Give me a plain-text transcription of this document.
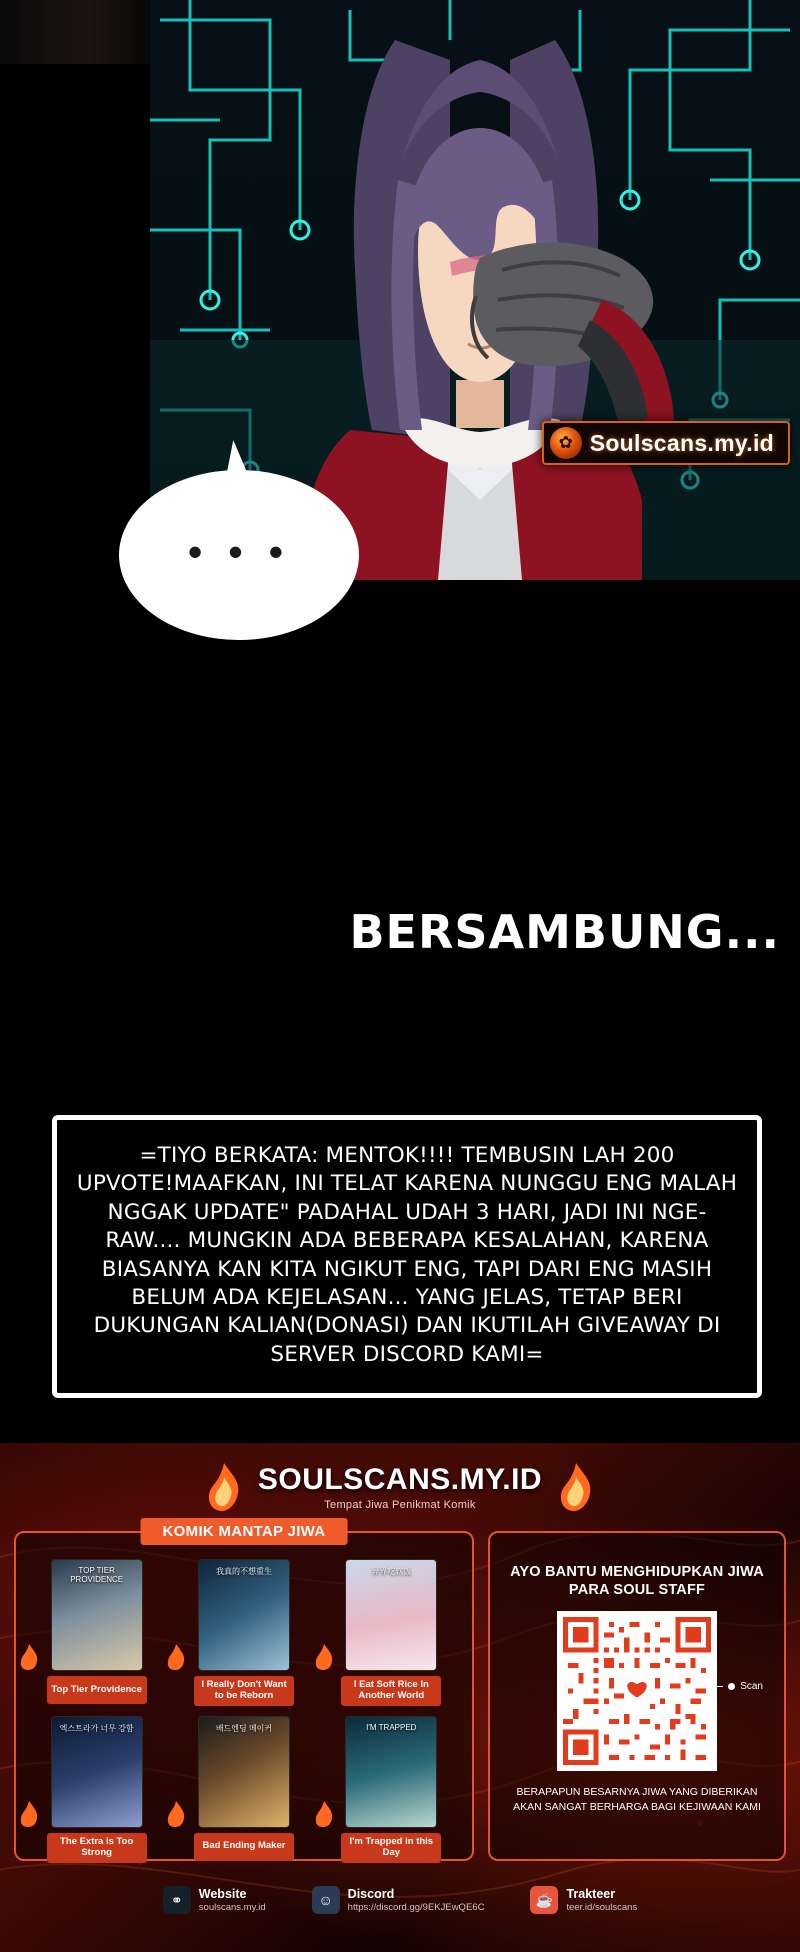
✿ Soulscans.my.id
• • •
BERSAMBUNG...
=TIYO BERKATA: MENTOK!!!! TEMBUSIN LAH 200 UPVOTE!MAAFKAN, INI TELAT KARENA NUNGGU ENG MALAH NGGAK UPDATE" PADAHAL UDAH 3 HARI, JADI INI NGE-RAW.... MUNGKIN ADA BEBERAPA KESALAHAN, KARENA BIASANYA KAN KITA NGIKUT ENG, TAPI DARI ENG MASIH BELUM ADA KEJELASAN... YANG JELAS, TETAP BERI DUKUNGAN KALIAN(DONASI) DAN IKUTILAH GIVEAWAY DI SERVER DISCORD KAMI=
SOULSCANS.MY.ID
Tempat Jiwa Penikmat Komik
KOMIK MANTAP JIWA
TOP TIER PROVIDENCE
Top Tier Providence
我真的不想重生
I Really Don't Want to be Reborn
异界吃软饭
I Eat Soft Rice In Another World
엑스트라가 너무 강함
The Extra is Too Strong
배드엔딩 메이커
Bad Ending Maker
I'M TRAPPED
I'm Trapped in this Day
AYO BANTU MENGHIDUPKAN JIWA PARA SOUL STAFF
Scan
BERAPAPUN BESARNYA JIWA YANG DIBERIKAN AKAN SANGAT BERHARGA BAGI KEJIWAAN KAMI
⚭	Website
soulscans.my.id	☺	Discord
https://discord.gg/9EKJEwQE6C	☕	Trakteer
teer.id/soulscans
